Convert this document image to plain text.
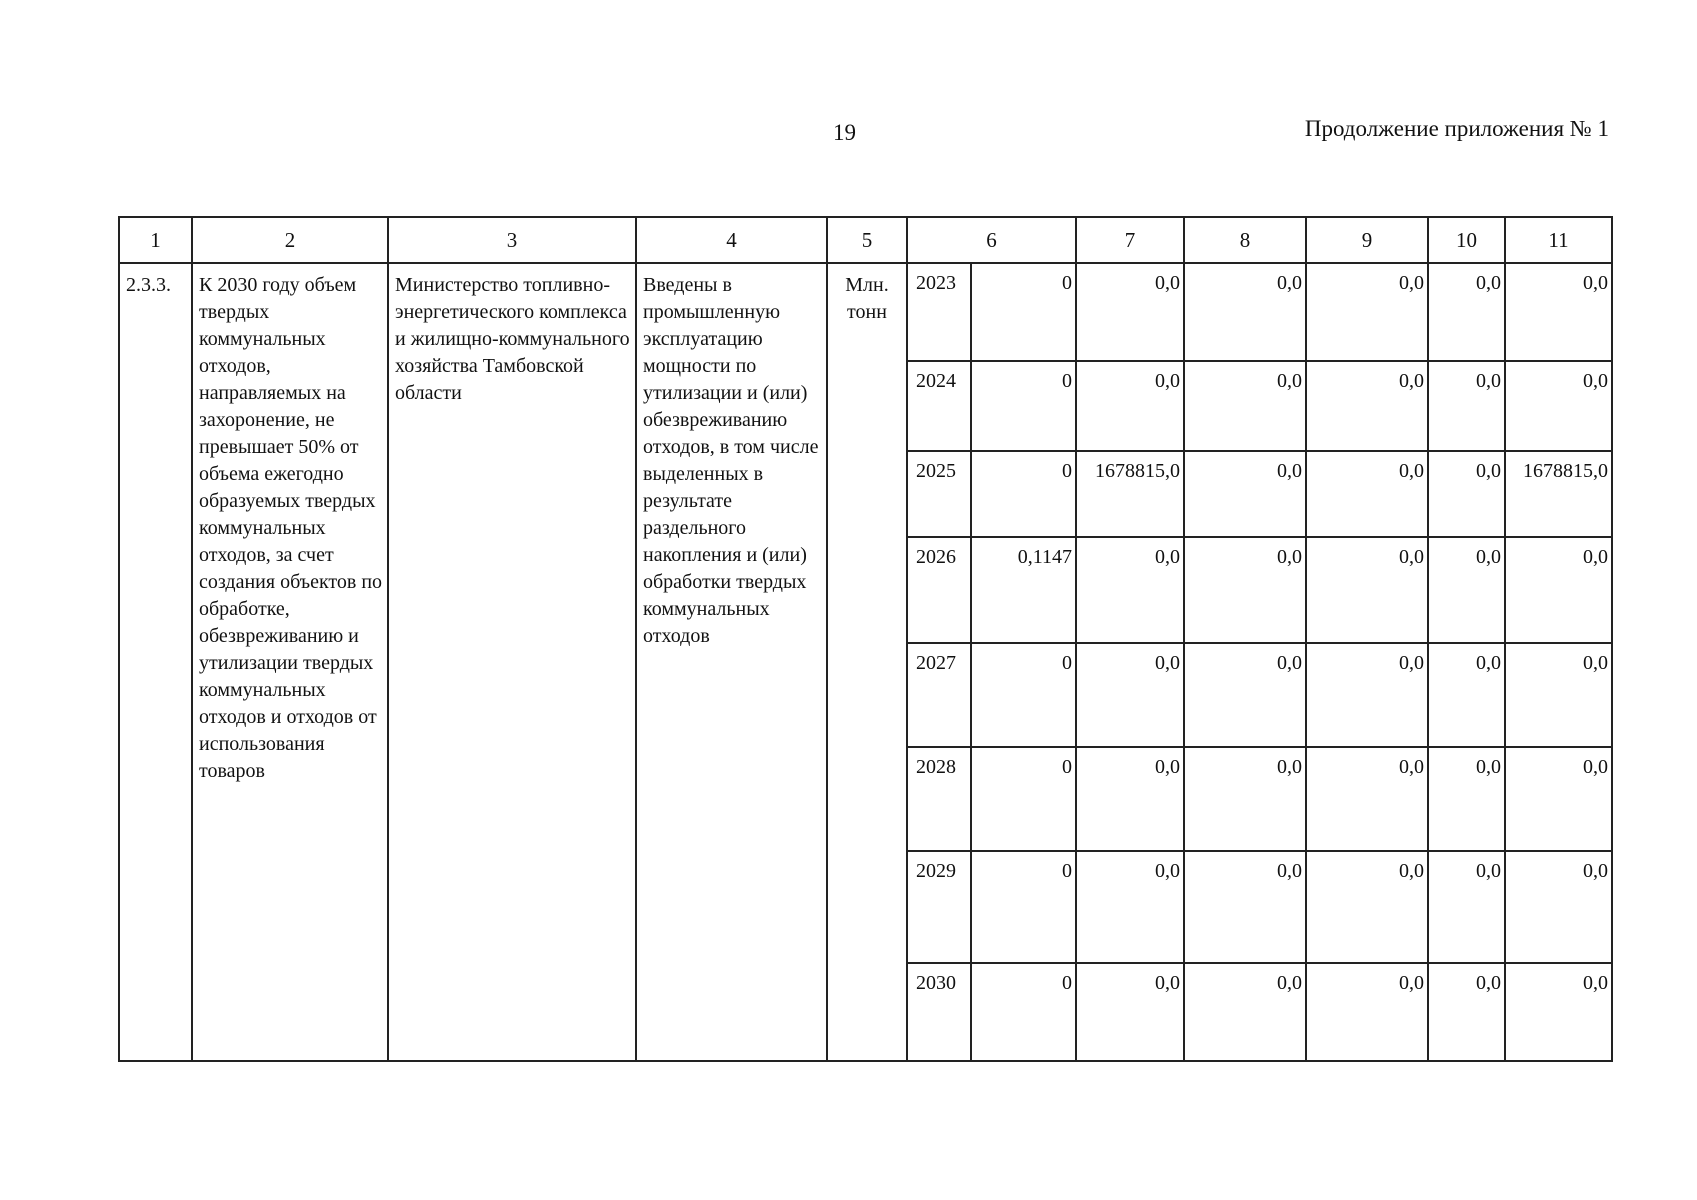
19	Продолжение приложения № 1
1	2	3	4	5	6		7	8	9	10	11
2.3.3.	К 2030 году объем твердых коммунальных отходов, направляемых на захоронение, не превышает 50% от объема ежегодно образуемых твердых коммунальных отходов, за счет создания объектов по обработке, обезвреживанию и утилизации твердых коммунальных отходов и отходов от использования товаров	Министерство топливно-энергетического комплекса и жилищно-коммунального хозяйства Тамбовской области	Введены в промышленную эксплуатацию мощности по утилизации и (или) обезвреживанию отходов, в том числе выделенных в результате раздельного накопления и (или) обработки твердых коммунальных отходов	Млн. тонн	2023	0	0,0	0,0	0,0	0,0	0,0
					2024	0	0,0	0,0	0,0	0,0	0,0
					2025	0	1678815,0	0,0	0,0	0,0	1678815,0
					2026	0,1147	0,0	0,0	0,0	0,0	0,0
					2027	0	0,0	0,0	0,0	0,0	0,0
					2028	0	0,0	0,0	0,0	0,0	0,0
					2029	0	0,0	0,0	0,0	0,0	0,0
					2030	0	0,0	0,0	0,0	0,0	0,0
